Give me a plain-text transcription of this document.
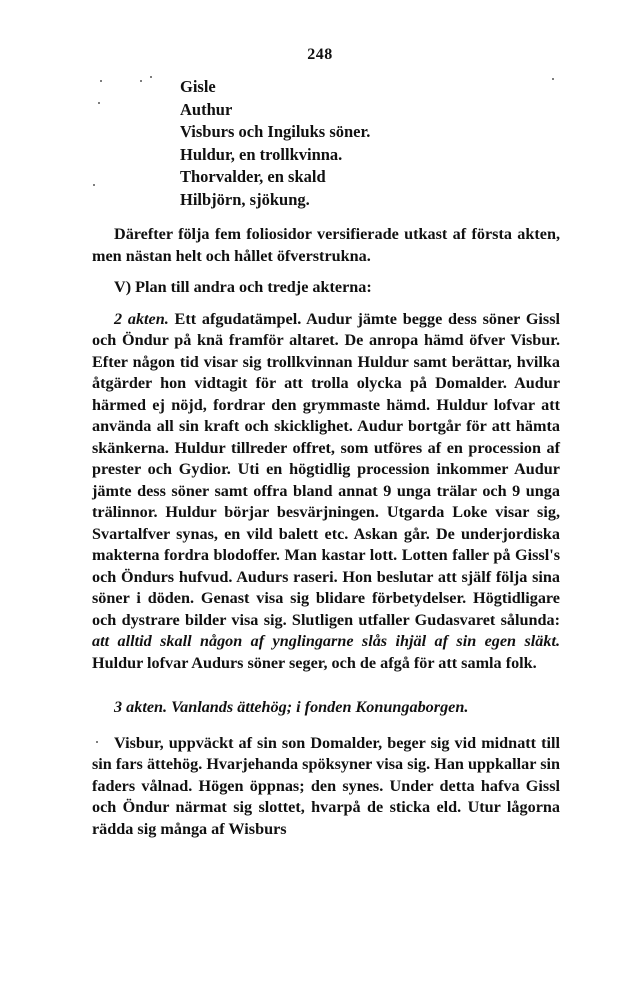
248
Gisle
Authur
Visburs och Ingiluks söner.
Huldur, en trollkvinna.
Thorvalder, en skald
Hilbjörn, sjökung.

Därefter följa fem foliosidor versifierade utkast af första akten, men nästan helt och hållet öfverstrukna.

V) Plan till andra och tredje akterna:

2 akten. Ett afgudatämpel. Audur jämte begge dess söner Gissl och Öndur på knä framför altaret. De anropa hämd öfver Visbur. Efter någon tid visar sig trollkvinnan Huldur samt berättar, hvilka åtgärder hon vidtagit för att trolla olycka på Domalder. Audur härmed ej nöjd, fordrar den grymmaste hämd. Huldur lofvar att använda all sin kraft och skicklighet. Audur bortgår för att hämta skänkerna. Huldur tillreder offret, som utföres af en procession af prester och Gydior. Uti en högtidlig procession inkommer Audur jämte dess söner samt offra bland annat 9 unga trälar och 9 unga trälinnor. Huldur börjar besvärjningen. Utgarda Loke visar sig, Svartalfver synas, en vild balett etc. Askan går. De underjordiska makterna fordra blodoffer. Man kastar lott. Lotten faller på Gissl's och Öndurs hufvud. Audurs raseri. Hon beslutar att själf följa sina söner i döden. Genast visa sig blidare förbetydelser. Högtidligare och dystrare bilder visa sig. Slutligen utfaller Gudasvaret sålunda: att alltid skall någon af ynglingarne slås ihjäl af sin egen släkt. Huldur lofvar Audurs söner seger, och de afgå för att samla folk.

3 akten. Vanlands ättehög; i fonden Konungaborgen.

Visbur, uppväckt af sin son Domalder, beger sig vid midnatt till sin fars ättehög. Hvarjehanda spöksyner visa sig. Han uppkallar sin faders vålnad. Högen öppnas; den synes. Under detta hafva Gissl och Öndur närmat sig slottet, hvarpå de sticka eld. Utur lågorna rädda sig många af Wisburs
